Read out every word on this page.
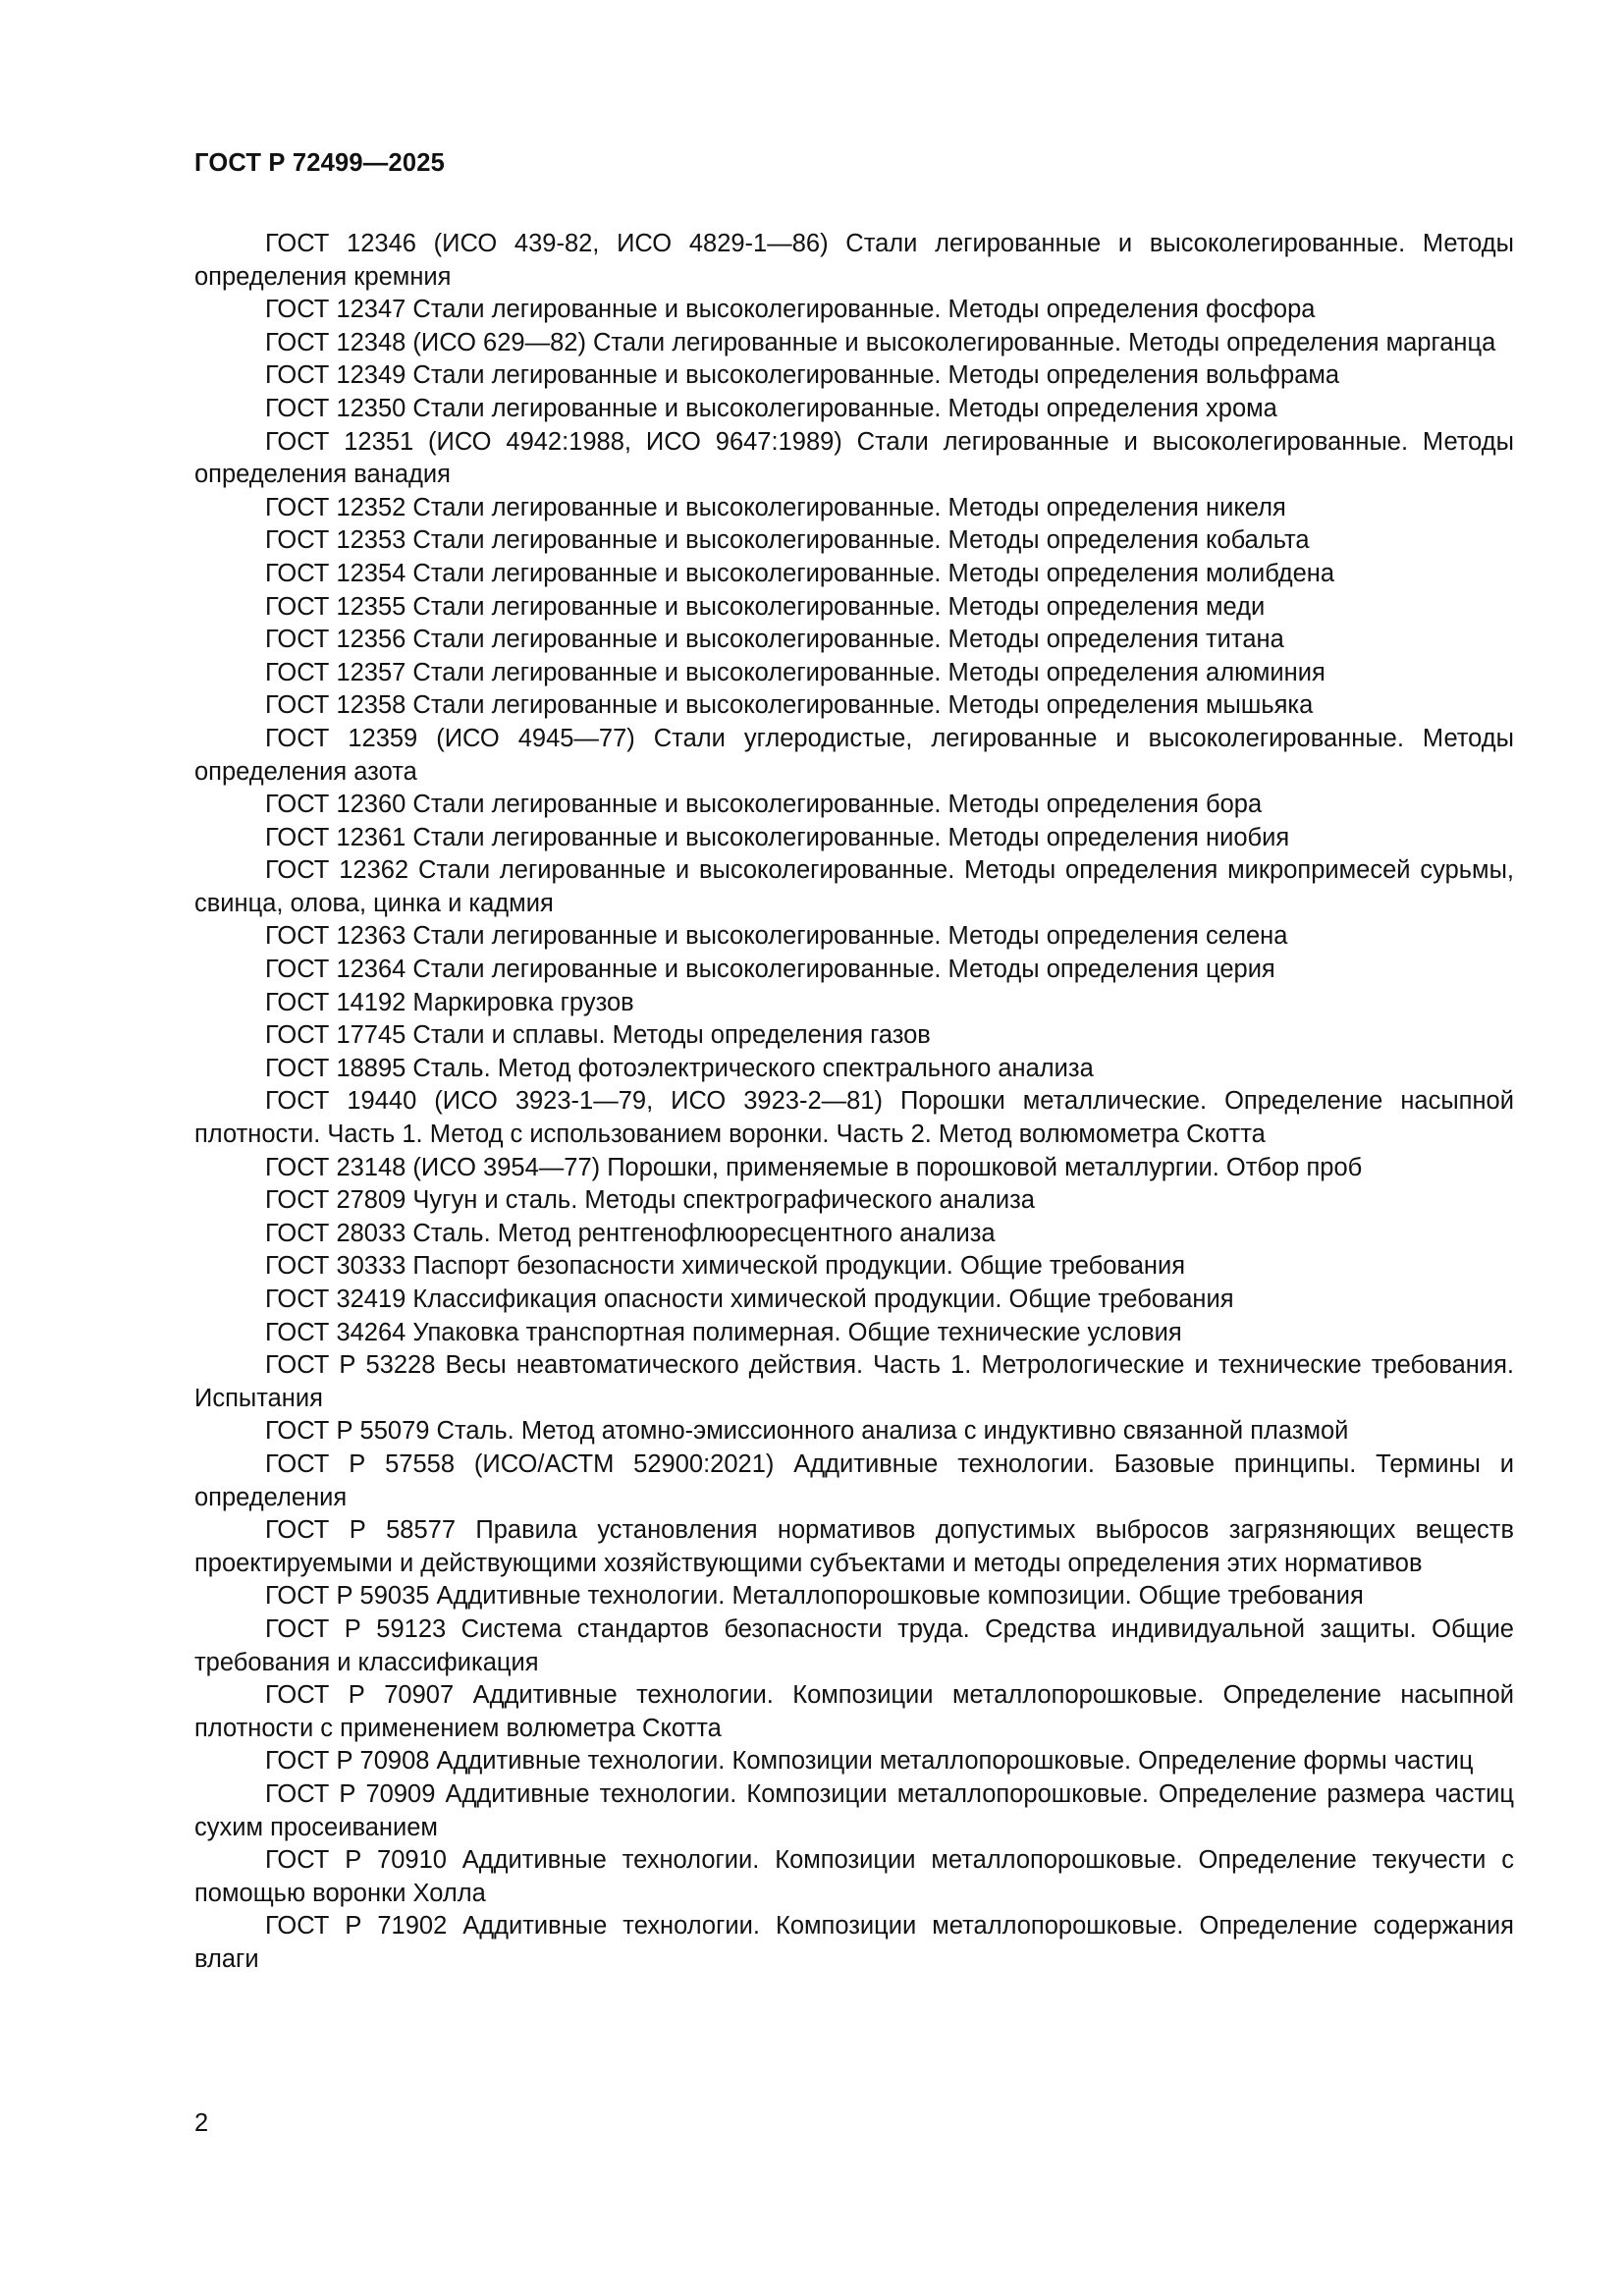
ГОСТ Р 72499—2025

ГОСТ 12346 (ИСО 439-82, ИСО 4829-1—86) Стали легированные и высоколегированные. Методы определения кремния

ГОСТ 12347 Стали легированные и высоколегированные. Методы определения фосфора

ГОСТ 12348 (ИСО 629—82) Стали легированные и высоколегированные. Методы определения марганца

ГОСТ 12349 Стали легированные и высоколегированные. Методы определения вольфрама

ГОСТ 12350 Стали легированные и высоколегированные. Методы определения хрома

ГОСТ 12351 (ИСО 4942:1988, ИСО 9647:1989) Стали легированные и высоколегированные. Методы определения ванадия

ГОСТ 12352 Стали легированные и высоколегированные. Методы определения никеля

ГОСТ 12353 Стали легированные и высоколегированные. Методы определения кобальта

ГОСТ 12354 Стали легированные и высоколегированные. Методы определения молибдена

ГОСТ 12355 Стали легированные и высоколегированные. Методы определения меди

ГОСТ 12356 Стали легированные и высоколегированные. Методы определения титана

ГОСТ 12357 Стали легированные и высоколегированные. Методы определения алюминия

ГОСТ 12358 Стали легированные и высоколегированные. Методы определения мышьяка

ГОСТ 12359 (ИСО 4945—77) Стали углеродистые, легированные и высоколегированные. Методы определения азота

ГОСТ 12360 Стали легированные и высоколегированные. Методы определения бора

ГОСТ 12361 Стали легированные и высоколегированные. Методы определения ниобия

ГОСТ 12362 Стали легированные и высоколегированные. Методы определения микропримесей сурьмы, свинца, олова, цинка и кадмия

ГОСТ 12363 Стали легированные и высоколегированные. Методы определения селена

ГОСТ 12364 Стали легированные и высоколегированные. Методы определения церия

ГОСТ 14192 Маркировка грузов

ГОСТ 17745 Стали и сплавы. Методы определения газов

ГОСТ 18895 Сталь. Метод фотоэлектрического спектрального анализа

ГОСТ 19440 (ИСО 3923-1—79, ИСО 3923-2—81) Порошки металлические. Определение насыпной плотности. Часть 1. Метод с использованием воронки. Часть 2. Метод волюмометра Скотта

ГОСТ 23148 (ИСО 3954—77) Порошки, применяемые в порошковой металлургии. Отбор проб

ГОСТ 27809 Чугун и сталь. Методы спектрографического анализа

ГОСТ 28033 Сталь. Метод рентгенофлюоресцентного анализа

ГОСТ 30333 Паспорт безопасности химической продукции. Общие требования

ГОСТ 32419 Классификация опасности химической продукции. Общие требования

ГОСТ 34264 Упаковка транспортная полимерная. Общие технические условия

ГОСТ Р 53228 Весы неавтоматического действия. Часть 1. Метрологические и технические требования. Испытания

ГОСТ Р 55079 Сталь. Метод атомно-эмиссионного анализа с индуктивно связанной плазмой

ГОСТ Р 57558 (ИСО/АСТМ 52900:2021) Аддитивные технологии. Базовые принципы. Термины и определения

ГОСТ Р 58577 Правила установления нормативов допустимых выбросов загрязняющих веществ проектируемыми и действующими хозяйствующими субъектами и методы определения этих нормативов

ГОСТ Р 59035 Аддитивные технологии. Металлопорошковые композиции. Общие требования

ГОСТ Р 59123 Система стандартов безопасности труда. Средства индивидуальной защиты. Общие требования и классификация

ГОСТ Р 70907 Аддитивные технологии. Композиции металлопорошковые. Определение насыпной плотности с применением волюметра Скотта

ГОСТ Р 70908 Аддитивные технологии. Композиции металлопорошковые. Определение формы частиц

ГОСТ Р 70909 Аддитивные технологии. Композиции металлопорошковые. Определение размера частиц сухим просеиванием

ГОСТ Р 70910 Аддитивные технологии. Композиции металлопорошковые. Определение текучести с помощью воронки Холла

ГОСТ Р 71902 Аддитивные технологии. Композиции металлопорошковые. Определение содержания влаги

2
